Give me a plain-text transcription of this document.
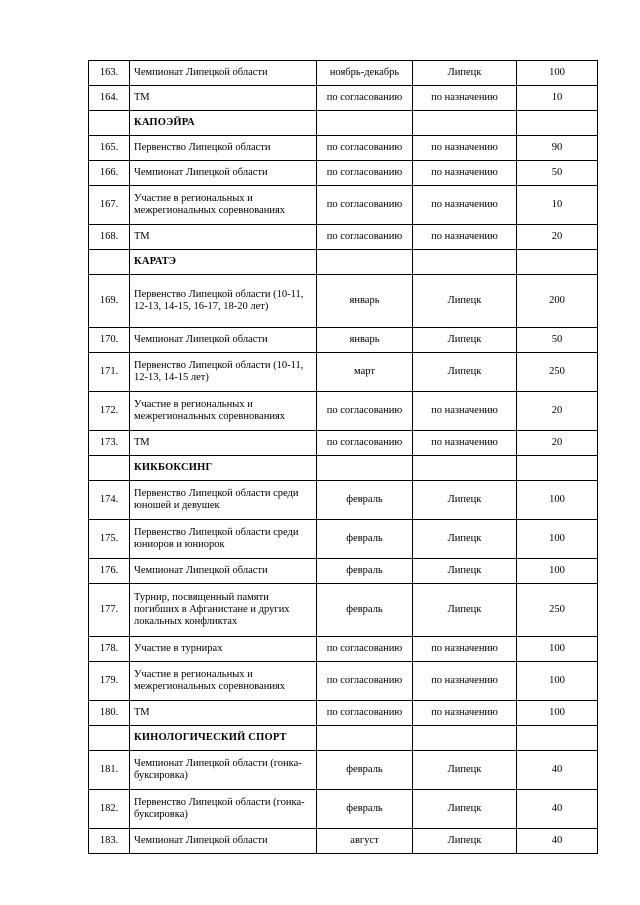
163.	Чемпионат Липецкой области	ноябрь-декабрь	Липецк	100
164.	ТМ	по согласованию	по назначению	10
	КАПОЭЙРА			
165.	Первенство Липецкой области	по согласованию	по назначению	90
166.	Чемпионат Липецкой области	по согласованию	по назначению	50
167.	Участие в региональных и межрегиональных соревнованиях	по согласованию	по назначению	10
168.	ТМ	по согласованию	по назначению	20
	КАРАТЭ			
169.	Первенство Липецкой области (10-11, 12-13, 14-15, 16-17, 18-20 лет)	январь	Липецк	200
170.	Чемпионат Липецкой области	январь	Липецк	50
171.	Первенство Липецкой области (10-11, 12-13, 14-15 лет)	март	Липецк	250
172.	Участие в региональных и межрегиональных соревнованиях	по согласованию	по назначению	20
173.	ТМ	по согласованию	по назначению	20
	КИКБОКСИНГ			
174.	Первенство Липецкой области среди юношей и девушек	февраль	Липецк	100
175.	Первенство Липецкой области среди юниоров и юниорок	февраль	Липецк	100
176.	Чемпионат Липецкой области	февраль	Липецк	100
177.	Турнир, посвященный памяти погибших в Афганистане и других локальных конфликтах	февраль	Липецк	250
178.	Участие в турнирах	по согласованию	по назначению	100
179.	Участие в региональных и межрегиональных соревнованиях	по согласованию	по назначению	100
180.	ТМ	по согласованию	по назначению	100
	КИНОЛОГИЧЕСКИЙ СПОРТ			
181.	Чемпионат Липецкой области (гонка-буксировка)	февраль	Липецк	40
182.	Первенство Липецкой области (гонка-буксировка)	февраль	Липецк	40
183.	Чемпионат Липецкой области	август	Липецк	40
